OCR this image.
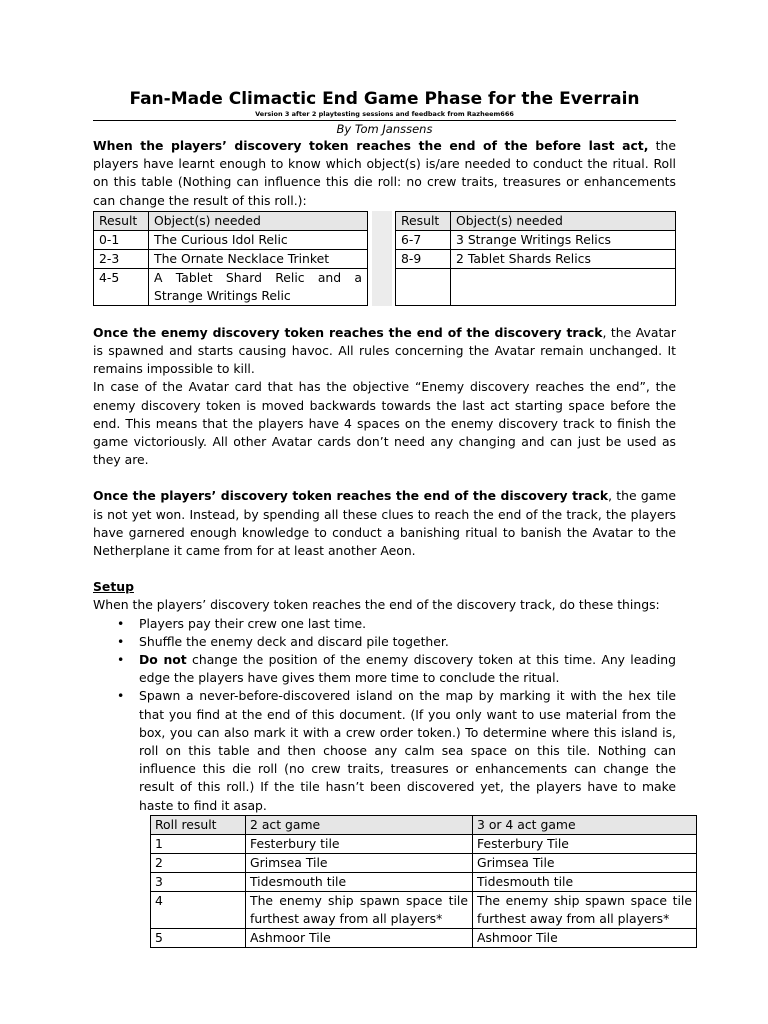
Fan-Made Climactic End Game Phase for the Everrain
Version 3 after 2 playtesting sessions and feedback from Razheem666
By Tom Janssens

When the players’ discovery token reaches the end of the before last act, the players have learnt enough to know which object(s) is/are needed to conduct the ritual. Roll on this table (Nothing can influence this die roll: no crew traits, treasures or enhancements can change the result of this roll.):

Result	Object(s) needed
0-1	The Curious Idol Relic
2-3	The Ornate Necklace Trinket
4-5	A Tablet Shard Relic and a Strange Writings Relic
Result	Object(s) needed
6-7	3 Strange Writings Relics
8-9	2 Tablet Shards Relics

Once the enemy discovery token reaches the end of the discovery track, the Avatar is spawned and starts causing havoc. All rules concerning the Avatar remain unchanged. It remains impossible to kill.

In case of the Avatar card that has the objective “Enemy discovery reaches the end”, the enemy discovery token is moved backwards towards the last act starting space before the end. This means that the players have 4 spaces on the enemy discovery track to finish the game victoriously. All other Avatar cards don’t need any changing and can just be used as they are.

Once the players’ discovery token reaches the end of the discovery track, the game is not yet won. Instead, by spending all these clues to reach the end of the track, the players have garnered enough knowledge to conduct a banishing ritual to banish the Avatar to the Netherplane it came from for at least another Aeon.

Setup

When the players’ discovery token reaches the end of the discovery track, do these things:

• Players pay their crew one last time.
• Shuffle the enemy deck and discard pile together.
• Do not change the position of the enemy discovery token at this time. Any leading edge the players have gives them more time to conclude the ritual.
• Spawn a never-before-discovered island on the map by marking it with the hex tile that you find at the end of this document. (If you only want to use material from the box, you can also mark it with a crew order token.) To determine where this island is, roll on this table and then choose any calm sea space on this tile. Nothing can influence this die roll (no crew traits, treasures or enhancements can change the result of this roll.) If the tile hasn’t been discovered yet, the players have to make haste to find it asap.
Roll result	2 act game	3 or 4 act game
1	Festerbury tile	Festerbury Tile
2	Grimsea Tile	Grimsea Tile
3	Tidesmouth tile	Tidesmouth tile
4	The enemy ship spawn space tile furthest away from all players*	The enemy ship spawn space tile furthest away from all players*
5	Ashmoor Tile	Ashmoor Tile
